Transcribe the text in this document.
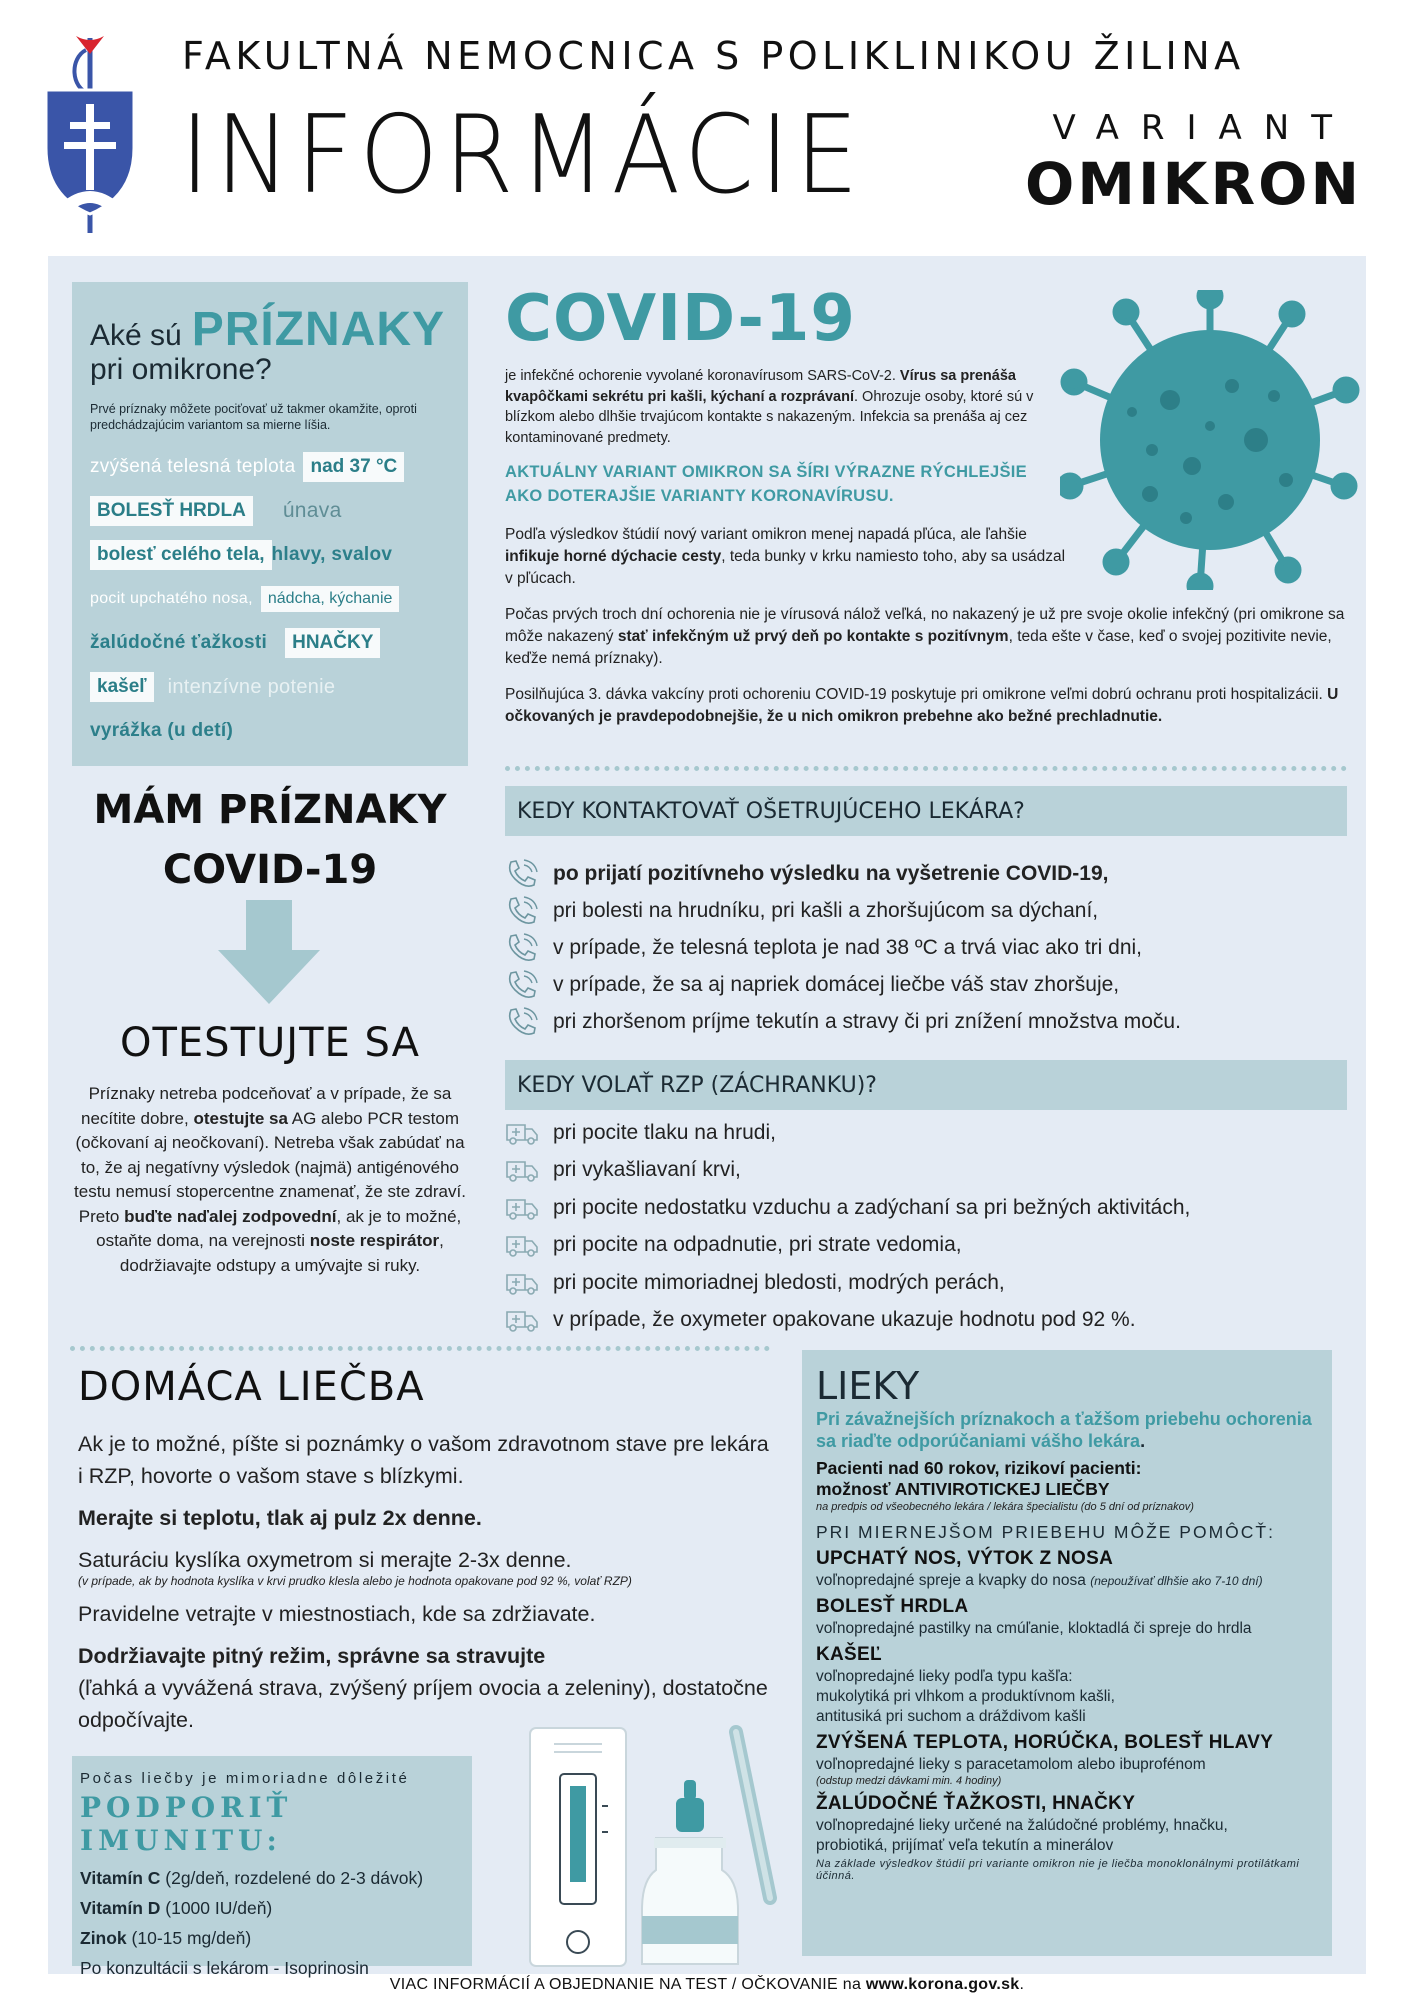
FAKULTNÁ NEMOCNICA S POLIKLINIKOU ŽILINA
INFORMÁCIE	VARIANT
OMIKRON
Aké sú PRÍZNAKY
pri omikrone?
Prvé príznaky môžete pociťovať už takmer okamžite, oproti predchádzajúcim variantom sa mierne líšia.
zvýšená telesná teplota nad 37 °C
BOLESŤ HRDLA	únava
bolesť celého tela, hlavy, svalov
pocit upchatého nosa, nádcha, kýchanie
žalúdočné ťažkosti	HNAČKY
kašeľ	intenzívne potenie
vyrážka (u detí)
MÁM PRÍZNAKY
COVID-19
OTESTUJTE SA
Príznaky netreba podceňovať a v prípade, že sa necítite dobre, otestujte sa AG alebo PCR testom (očkovaní aj neočkovaní). Netreba však zabúdať na to, že aj negatívny výsledok (najmä) antigénového testu nemusí stopercentne znamenať, že ste zdraví. Preto buďte naďalej zodpovední, ak je to možné, ostaňte doma, na verejnosti noste respirátor, dodržiavajte odstupy a umývajte si ruky.
COVID-19
je infekčné ochorenie vyvolané koronavírusom SARS-CoV-2. Vírus sa prenáša kvapôčkami sekrétu pri kašli, kýchaní a rozprávaní. Ohrozuje osoby, ktoré sú v blízkom alebo dlhšie trvajúcom kontakte s nakazeným. Infekcia sa prenáša aj cez kontaminované predmety.
AKTUÁLNY VARIANT OMIKRON SA ŠÍRI VÝRAZNE RÝCHLEJŠIE AKO DOTERAJŠIE VARIANTY KORONAVÍRUSU.
Podľa výsledkov štúdií nový variant omikron menej napadá pľúca, ale ľahšie infikuje horné dýchacie cesty, teda bunky v krku namiesto toho, aby sa usádzal v pľúcach.
Počas prvých troch dní ochorenia nie je vírusová nálož veľká, no nakazený je už pre svoje okolie infekčný (pri omikrone sa môže nakazený stať infekčným už prvý deň po kontakte s pozitívnym, teda ešte v čase, keď o svojej pozitivite nevie, keďže nemá príznaky).
Posilňujúca 3. dávka vakcíny proti ochoreniu COVID-19 poskytuje pri omikrone veľmi dobrú ochranu proti hospitalizácii. U očkovaných je pravdepodobnejšie, že u nich omikron prebehne ako bežné prechladnutie.
KEDY KONTAKTOVAŤ OŠETRUJÚCEHO LEKÁRA?
po prijatí pozitívneho výsledku na vyšetrenie COVID-19,
pri bolesti na hrudníku, pri kašli a zhoršujúcom sa dýchaní,
v prípade, že telesná teplota je nad 38 ºC a trvá viac ako tri dni,
v prípade, že sa aj napriek domácej liečbe váš stav zhoršuje,
pri zhoršenom príjme tekutín a stravy či pri znížení množstva moču.
KEDY VOLAŤ RZP (ZÁCHRANKU)?
pri pocite tlaku na hrudi,
pri vykašliavaní krvi,
pri pocite nedostatku vzduchu a zadýchaní sa pri bežných aktivitách,
pri pocite na odpadnutie, pri strate vedomia,
pri pocite mimoriadnej bledosti, modrých perách,
v prípade, že oxymeter opakovane ukazuje hodnotu pod 92 %.
DOMÁCA LIEČBA

Ak je to možné, píšte si poznámky o vašom zdravotnom stave pre lekára i RZP, hovorte o vašom stave s blízkymi.

Merajte si teplotu, tlak aj pulz 2x denne.

Saturáciu kyslíka oxymetrom si merajte 2-3x denne.

(v prípade, ak by hodnota kyslíka v krvi prudko klesla alebo je hodnota opakovane pod 92 %, volať RZP)

Pravidelne vetrajte v miestnostiach, kde sa zdržiavate.

Dodržiavajte pitný režim, správne sa stravujte

(ľahká a vyvážená strava, zvýšený príjem ovocia a zeleniny), dostatočne odpočívajte.

Počas liečby je mimoriadne dôležité
PODPORIŤ IMUNITU:
Vitamín C (2g/deň, rozdelené do 2-3 dávok)
Vitamín D (1000 IU/deň)
Zinok (10-15 mg/deň)
Po konzultácii s lekárom - Isoprinosin
LIEKY
Pri závažnejších príznakoch a ťažšom priebehu ochorenia sa riaďte odporúčaniami vášho lekára.
Pacienti nad 60 rokov, rizikoví pacienti:
možnosť ANTIVIROTICKEJ LIEČBY
na predpis od všeobecného lekára / lekára špecialistu (do 5 dní od príznakov)
PRI MIERNEJŠOM PRIEBEHU MÔŽE POMÔCŤ:
UPCHATÝ NOS, VÝTOK Z NOSA
voľnopredajné spreje a kvapky do nosa (nepoužívať dlhšie ako 7-10 dní)
BOLESŤ HRDLA
voľnopredajné pastilky na cmúľanie, kloktadlá či spreje do hrdla
KAŠEĽ
voľnopredajné lieky podľa typu kašľa:
mukolytiká pri vlhkom a produktívnom kašli,
antitusiká pri suchom a dráždivom kašli
ZVÝŠENÁ TEPLOTA, HORÚČKA, BOLESŤ HLAVY
voľnopredajné lieky s paracetamolom alebo ibuprofénom
(odstup medzi dávkami min. 4 hodiny)
ŽALÚDOČNÉ ŤAŽKOSTI, HNAČKY
voľnopredajné lieky určené na žalúdočné problémy, hnačku,
probiotiká, prijímať veľa tekutín a minerálov
Na základe výsledkov štúdií pri variante omikron nie je liečba monoklonálnymi protilátkami účinná.
VIAC INFORMÁCIÍ A OBJEDNANIE NA TEST / OČKOVANIE na www.korona.gov.sk.
